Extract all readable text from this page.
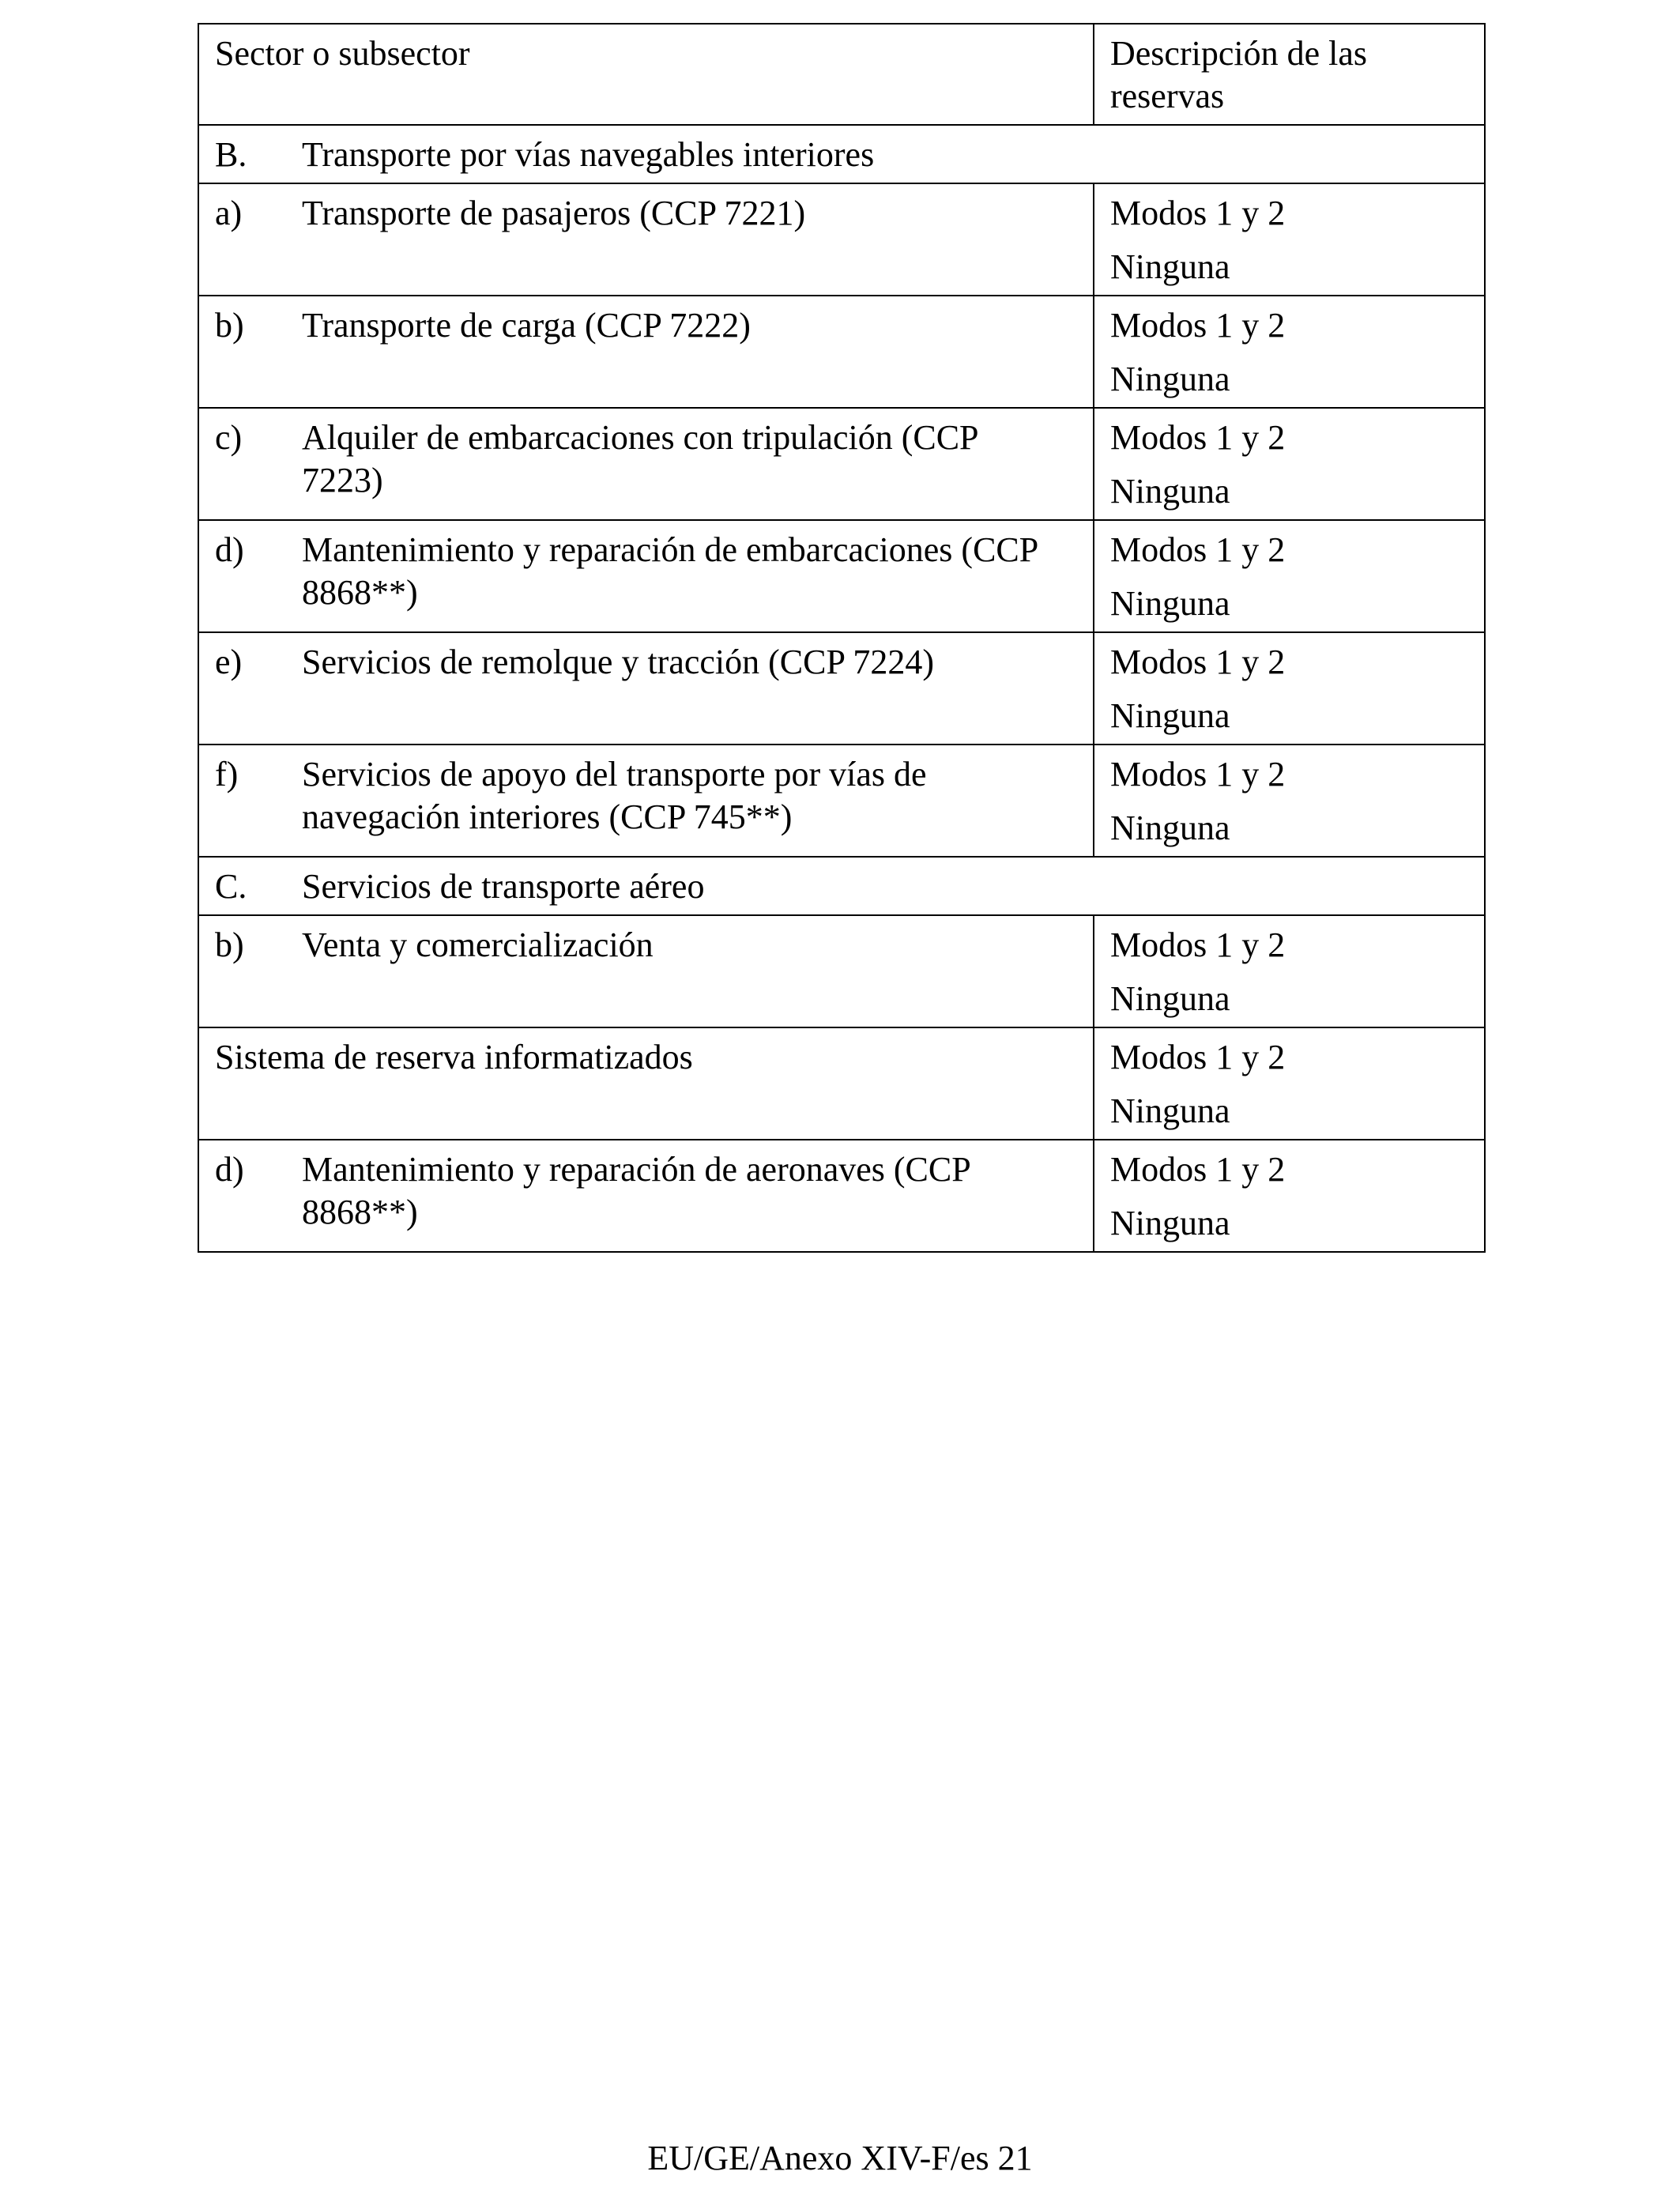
Sector o subsector	Descripción de las reservas
B. Transporte por vías navegables interiores	
a) Transporte de pasajeros (CCP 7221)	Modos 1 y 2
Ninguna

b) Transporte de carga (CCP 7222)	Modos 1 y 2
Ninguna

c) Alquiler de embarcaciones con tripulación (CCP 7223)	Modos 1 y 2
Ninguna

d) Mantenimiento y reparación de embarcaciones (CCP 8868**)	Modos 1 y 2
Ninguna

e) Servicios de remolque y tracción (CCP 7224)	Modos 1 y 2
Ninguna

f) Servicios de apoyo del transporte por vías de navegación interiores (CCP 745**)	Modos 1 y 2
Ninguna

C. Servicios de transporte aéreo	
b) Venta y comercialización	Modos 1 y 2
Ninguna

Sistema de reserva informatizados	Modos 1 y 2
Ninguna

d) Mantenimiento y reparación de aeronaves (CCP 8868**)	Modos 1 y 2
Ninguna
EU/GE/Anexo XIV-F/es 21
